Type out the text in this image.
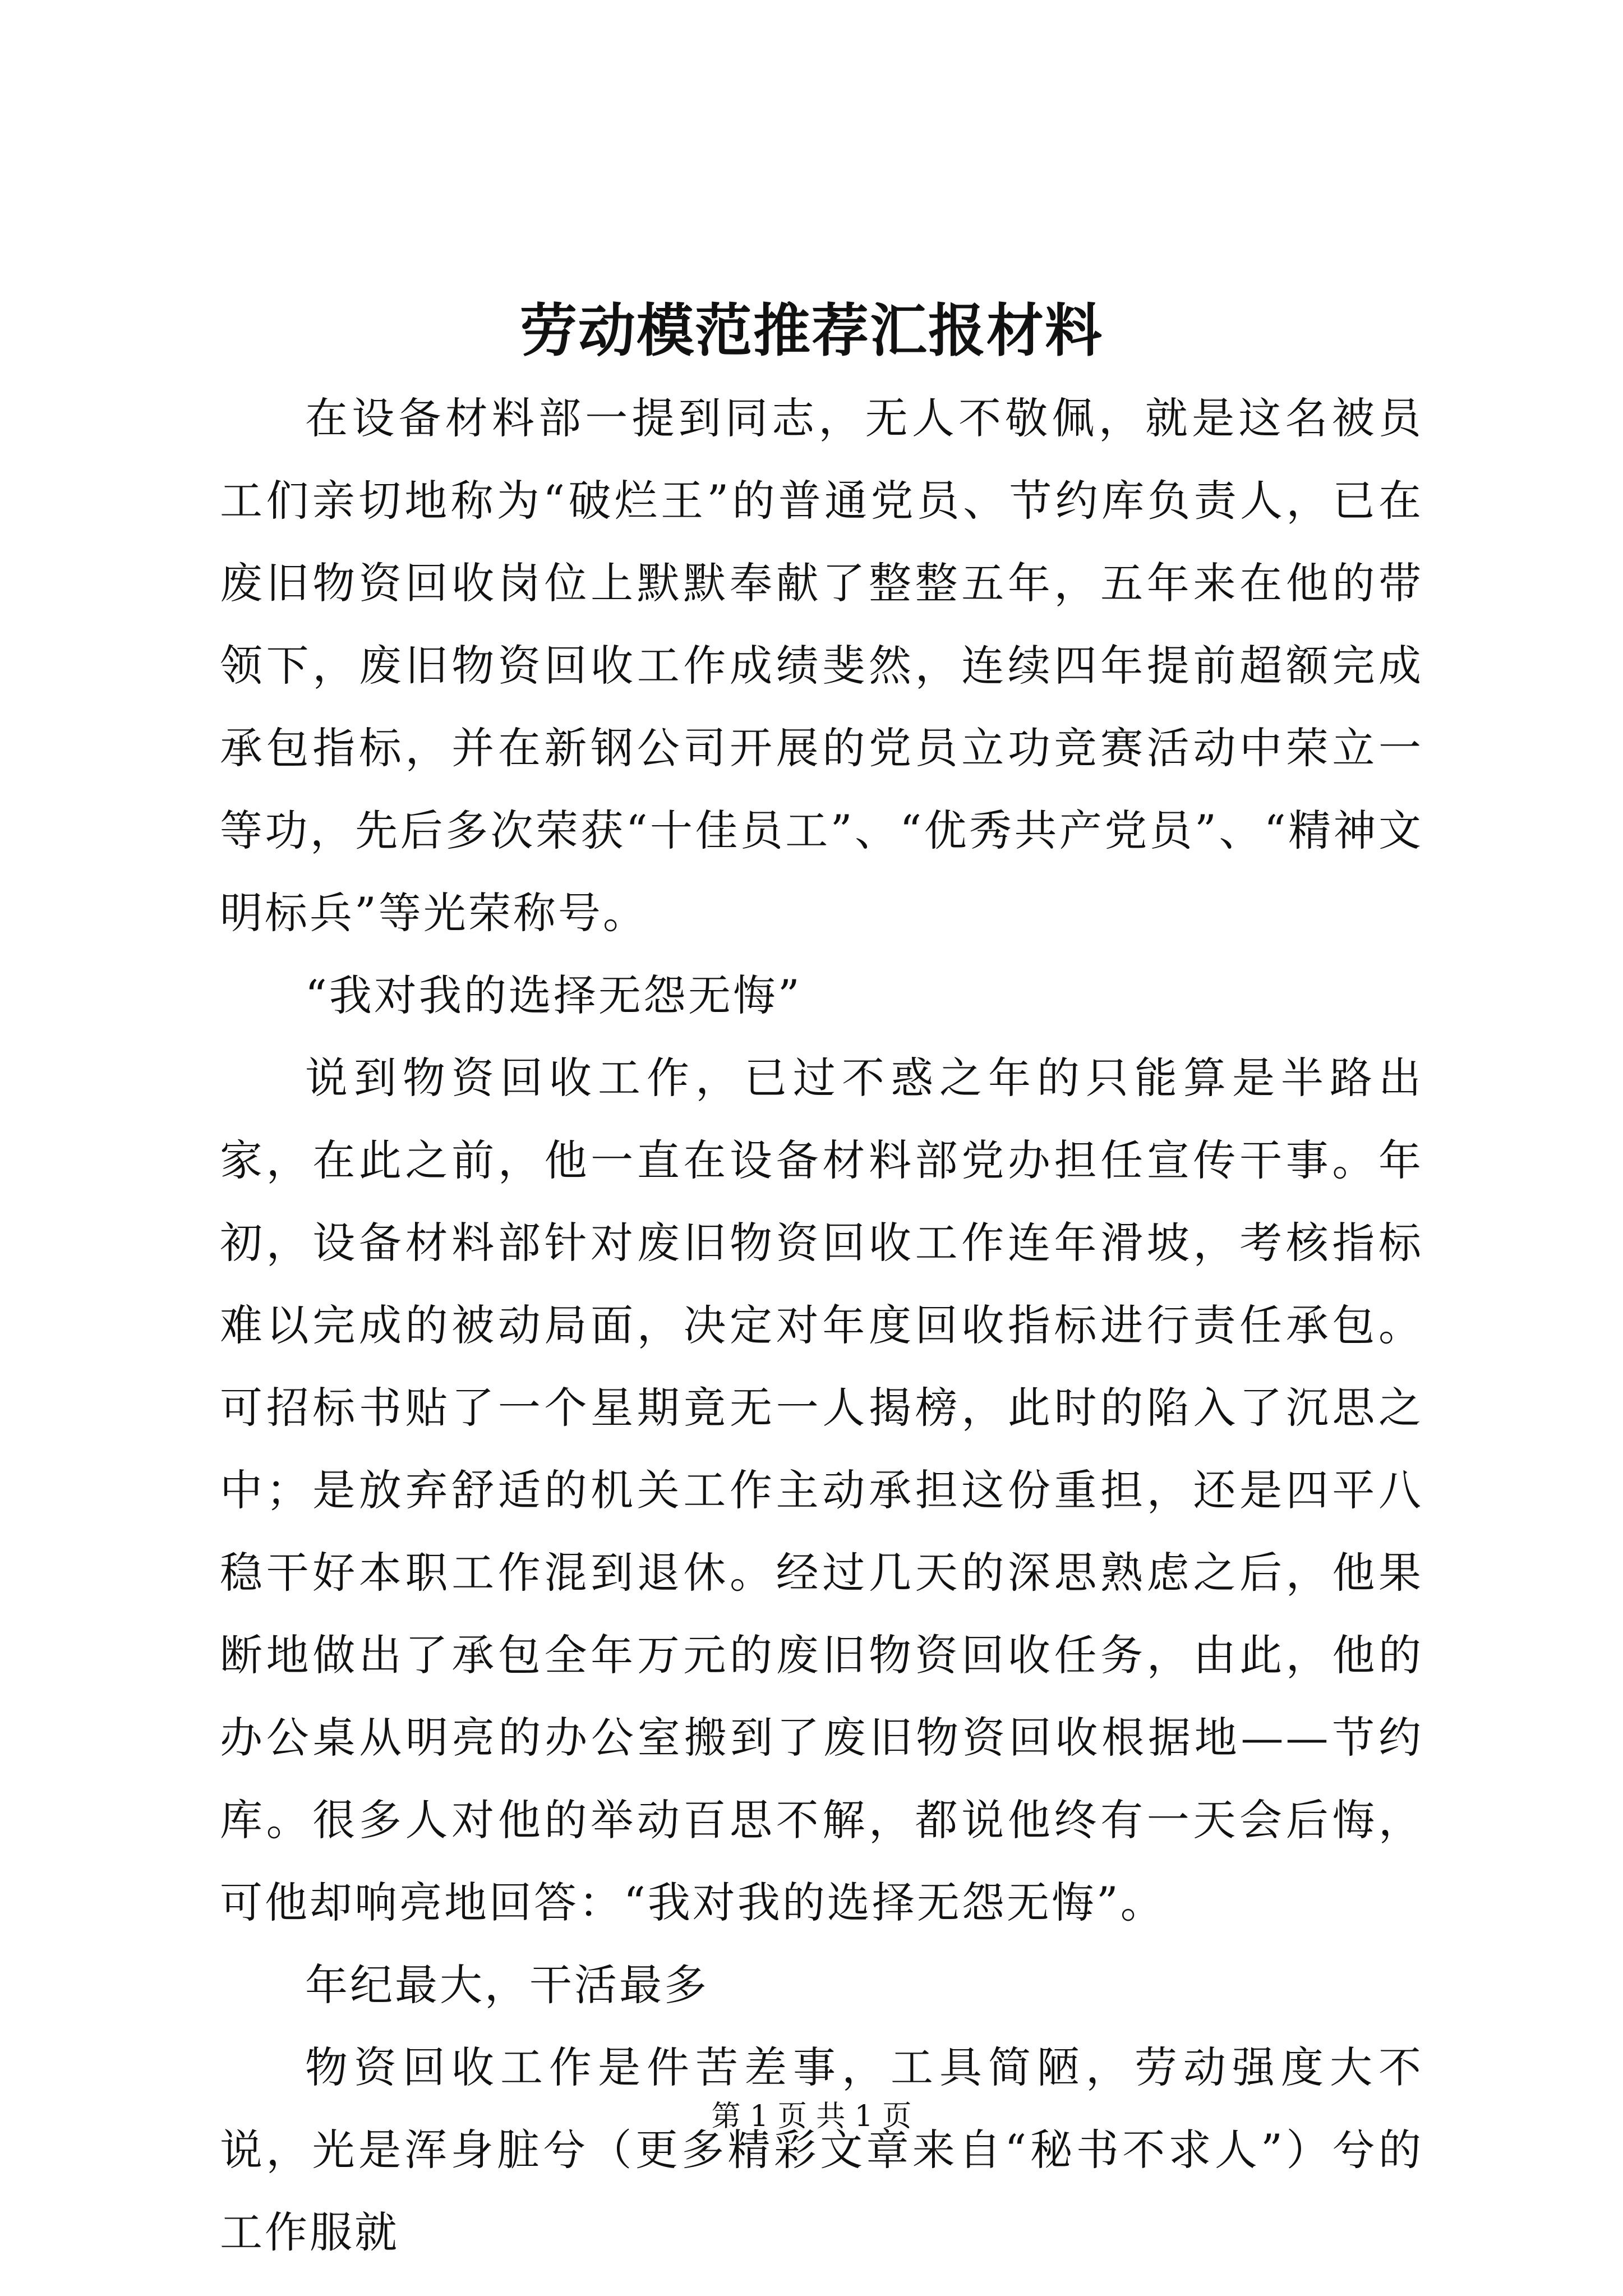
劳动模范推荐汇报材料

在设备材料部一提到同志，无人不敬佩，就是这名被员工们亲切地称为“破烂王”的普通党员、节约库负责人，已在废旧物资回收岗位上默默奉献了整整五年，五年来在他的带领下，废旧物资回收工作成绩斐然，连续四年提前超额完成承包指标，并在新钢公司开展的党员立功竞赛活动中荣立一等功，先后多次荣获“十佳员工”、“优秀共产党员”、“精神文明标兵”等光荣称号。

“我对我的选择无怨无悔”

说到物资回收工作，已过不惑之年的只能算是半路出家，在此之前，他一直在设备材料部党办担任宣传干事。年初，设备材料部针对废旧物资回收工作连年滑坡，考核指标难以完成的被动局面，决定对年度回收指标进行责任承包。可招标书贴了一个星期竟无一人揭榜，此时的陷入了沉思之中；是放弃舒适的机关工作主动承担这份重担，还是四平八稳干好本职工作混到退休。经过几天的深思熟虑之后，他果断地做出了承包全年万元的废旧物资回收任务，由此，他的办公桌从明亮的办公室搬到了废旧物资回收根据地——节约库。很多人对他的举动百思不解，都说他终有一天会后悔，可他却响亮地回答：“我对我的选择无怨无悔”。

年纪最大，干活最多

物资回收工作是件苦差事，工具简陋，劳动强度大不说，光是浑身脏兮（更多精彩文章来自“秘书不求人”）兮的工作服就

第 1 页 共 1 页
